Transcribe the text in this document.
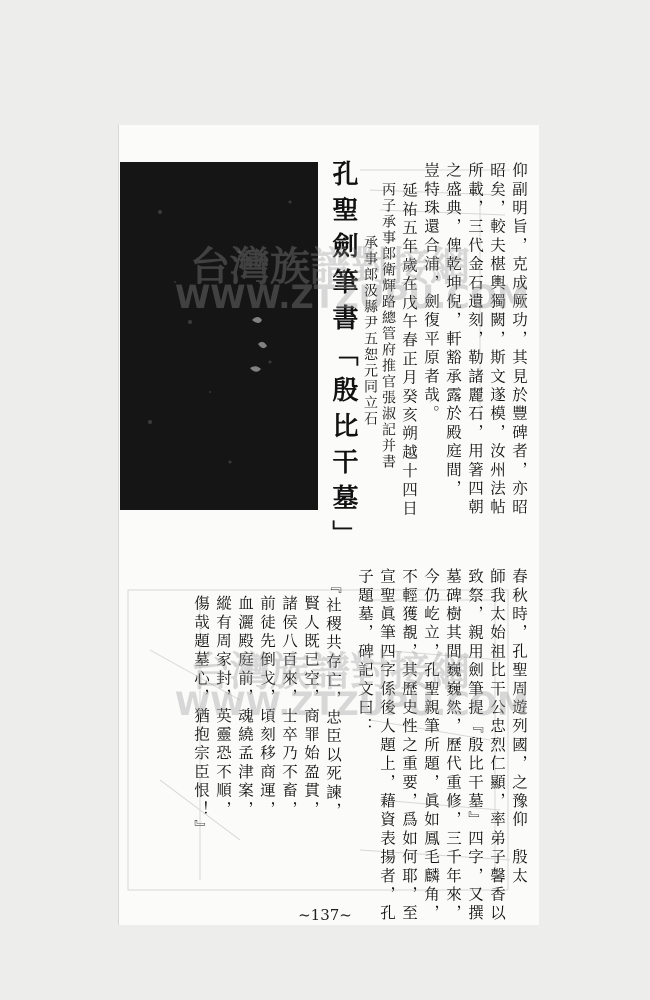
孔聖劍筆書「殷比干墓」	仰副明旨，克成厥功，其見於豐碑者，亦昭
昭矣，較夫椹輿獨闕，斯文遂模，汝州法帖
所載，三代金石遺刻，勒諸麗石，用箸四朝
之盛典，俾乾坤倪，軒豁承露於殿庭間，
豈特珠還合浦，劍復平原者哉。
延祐五年歲在戊午春正月癸亥朔越十四日
丙子承事郎衛輝路總管府推官張淑記并書
承事郎汲縣尹五恕元同立石
春秋時，孔聖周遊列國，之豫仰　殷太
師我太始祖比干公忠烈仁顯，率弟子馨香以
致祭，親用劍筆提『殷比干墓』四字，又撰
墓碑樹其間巍巍然，歷代重修，三千年來，
今仍屹立，孔聖親筆所題，眞如鳳毛麟角，
不輕獲覩，其歷史性之重要，爲如何耶，至
宣聖眞筆四字係後人題上，藉資表揚者，孔
子題墓，碑記文曰：
『社稷共存亡，忠臣以死諫，
賢人既已空，商罪始盈貫，
諸侯八百來，士卒乃不畜，
前徒先倒戈，頃刻移商運，
血灑殿庭前，魂繞孟津案，
縱有周家封，英靈恐不順，
傷哉題墓心，猶抱宗臣恨！』
台灣族譜對接網
WWW.ZTZUPU.COM
台灣族譜對接網
WWW.ZTZUPU.COM
~137~
